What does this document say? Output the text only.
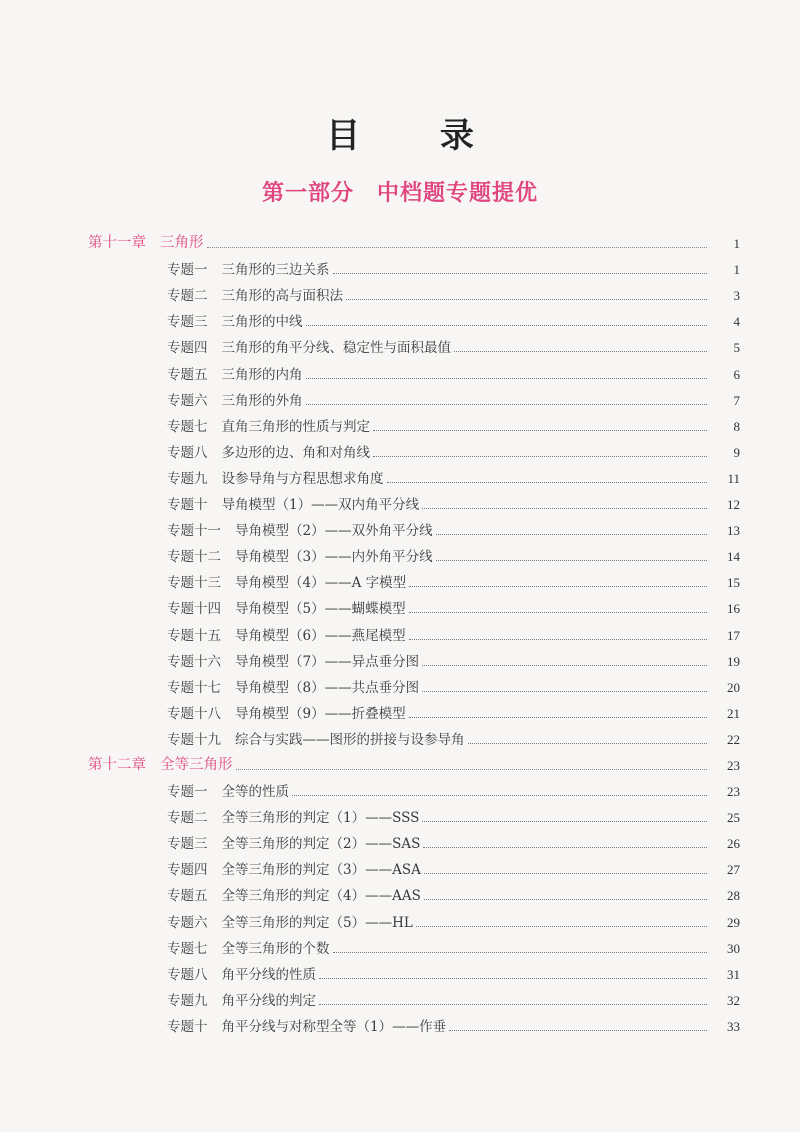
目 录
第一部分　中档题专题提优
第十一章 三角形	1
专题一 三角形的三边关系	1
专题二 三角形的高与面积法	3
专题三 三角形的中线	4
专题四 三角形的角平分线、稳定性与面积最值	5
专题五 三角形的内角	6
专题六 三角形的外角	7
专题七 直角三角形的性质与判定	8
专题八 多边形的边、角和对角线	9
专题九 设参导角与方程思想求角度	11
专题十 导角模型（1）——双内角平分线	12
专题十一 导角模型（2）——双外角平分线	13
专题十二 导角模型（3）——内外角平分线	14
专题十三 导角模型（4）——A 字模型	15
专题十四 导角模型（5）——蝴蝶模型	16
专题十五 导角模型（6）——燕尾模型	17
专题十六 导角模型（7）——异点垂分图	19
专题十七 导角模型（8）——共点垂分图	20
专题十八 导角模型（9）——折叠模型	21
专题十九 综合与实践——图形的拼接与设参导角	22
第十二章 全等三角形	23
专题一 全等的性质	23
专题二 全等三角形的判定（1）——SSS	25
专题三 全等三角形的判定（2）——SAS	26
专题四 全等三角形的判定（3）——ASA	27
专题五 全等三角形的判定（4）——AAS	28
专题六 全等三角形的判定（5）——HL	29
专题七 全等三角形的个数	30
专题八 角平分线的性质	31
专题九 角平分线的判定	32
专题十 角平分线与对称型全等（1）——作垂	33
